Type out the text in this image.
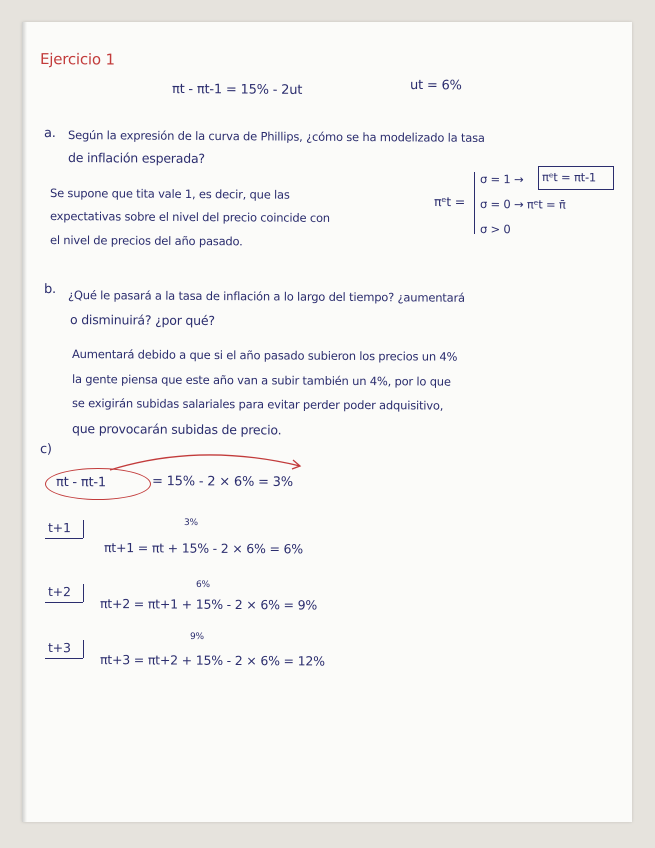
Ejercicio 1
πt - πt-1 = 15% - 2ut	ut = 6%
a. Según la expresión de la curva de Phillips, ¿cómo se ha modelizado la tasa
de inflación esperada?
Se supone que tita vale 1, es decir, que las
expectativas sobre el nivel del precio coincide con
el nivel de precios del año pasado.
πᵉt =
σ = 1 → πᵉt = πt-1
σ = 0 → πᵉt = π̄
σ > 0
b. ¿Qué le pasará a la tasa de inflación a lo largo del tiempo? ¿aumentará
o disminuirá? ¿por qué?
Aumentará debido a que si el año pasado subieron los precios un 4%
la gente piensa que este año van a subir también un 4%, por lo que
se exigirán subidas salariales para evitar perder poder adquisitivo,
que provocarán subidas de precio.
c)
πt - πt-1	= 15% - 2 × 6% = 3%
t+1	3%
πt+1 = πt + 15% - 2 × 6% = 6%
t+2	6%
πt+2 = πt+1 + 15% - 2 × 6% = 9%
t+3
9%
πt+3 = πt+2 + 15% - 2 × 6% = 12%
